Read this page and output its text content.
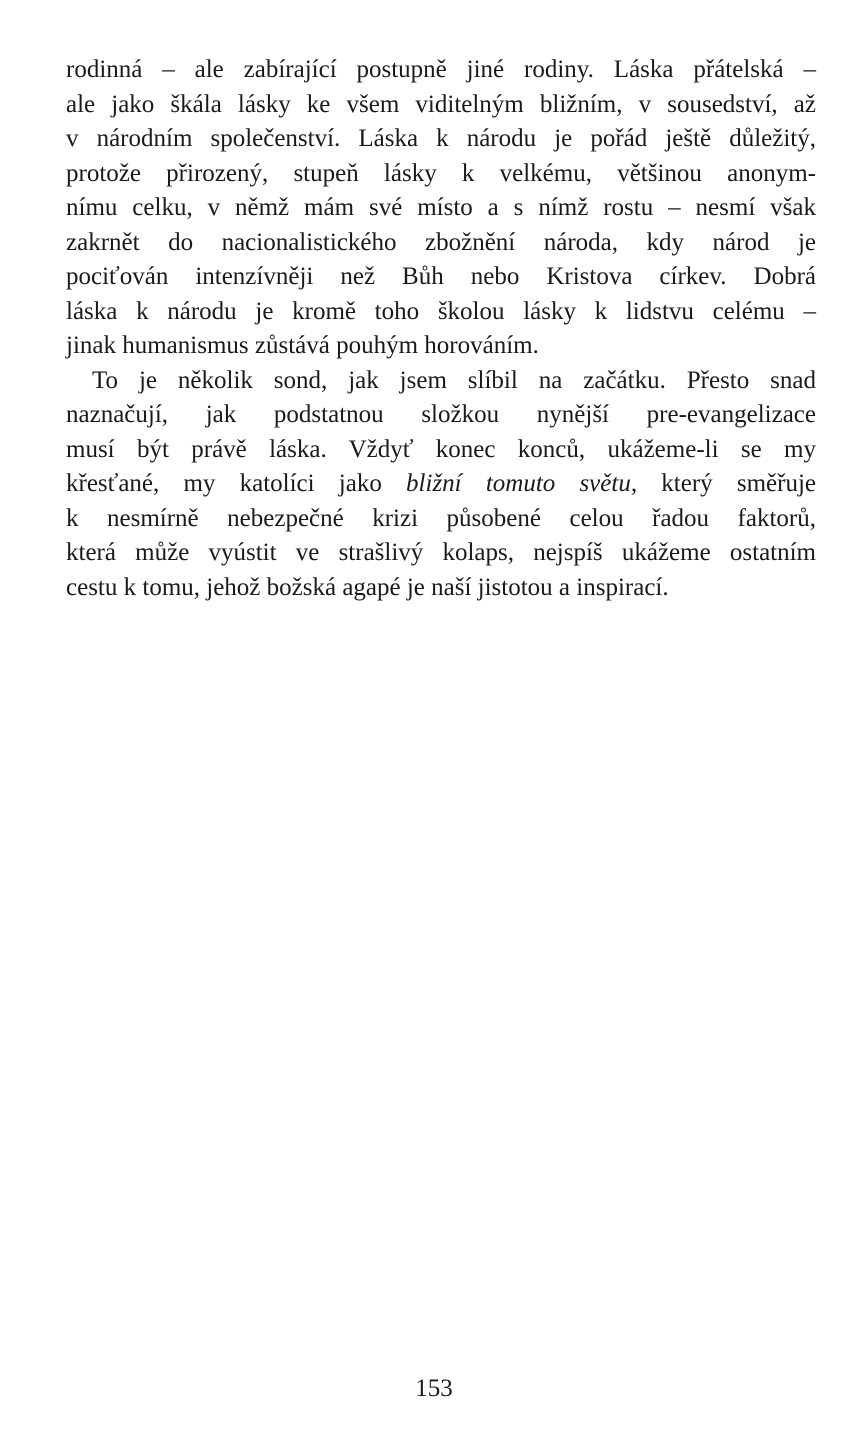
rodinná – ale zabírající postupně jiné rodiny. Láska přátelská –
ale jako škála lásky ke všem viditelným bližním, v sousedství, až
v národním společenství. Láska k národu je pořád ještě důležitý,
protože přirozený, stupeň lásky k velkému, většinou anonym-
nímu celku, v němž mám své místo a s nímž rostu – nesmí však
zakrnět do nacionalistického zbožnění národa, kdy národ je
pociťován intenzívněji než Bůh nebo Kristova církev. Dobrá
láska k národu je kromě toho školou lásky k lidstvu celému –
jinak humanismus zůstává pouhým horováním.
To je několik sond, jak jsem slíbil na začátku. Přesto snad
naznačují, jak podstatnou složkou nynější pre-evangelizace
musí být právě láska. Vždyť konec konců, ukážeme-li se my
křesťané, my katolíci jako bližní tomuto světu, který směřuje
k nesmírně nebezpečné krizi působené celou řadou faktorů,
která může vyústit ve strašlivý kolaps, nejspíš ukážeme ostatním
cestu k tomu, jehož božská agapé je naší jistotou a inspirací.
153
